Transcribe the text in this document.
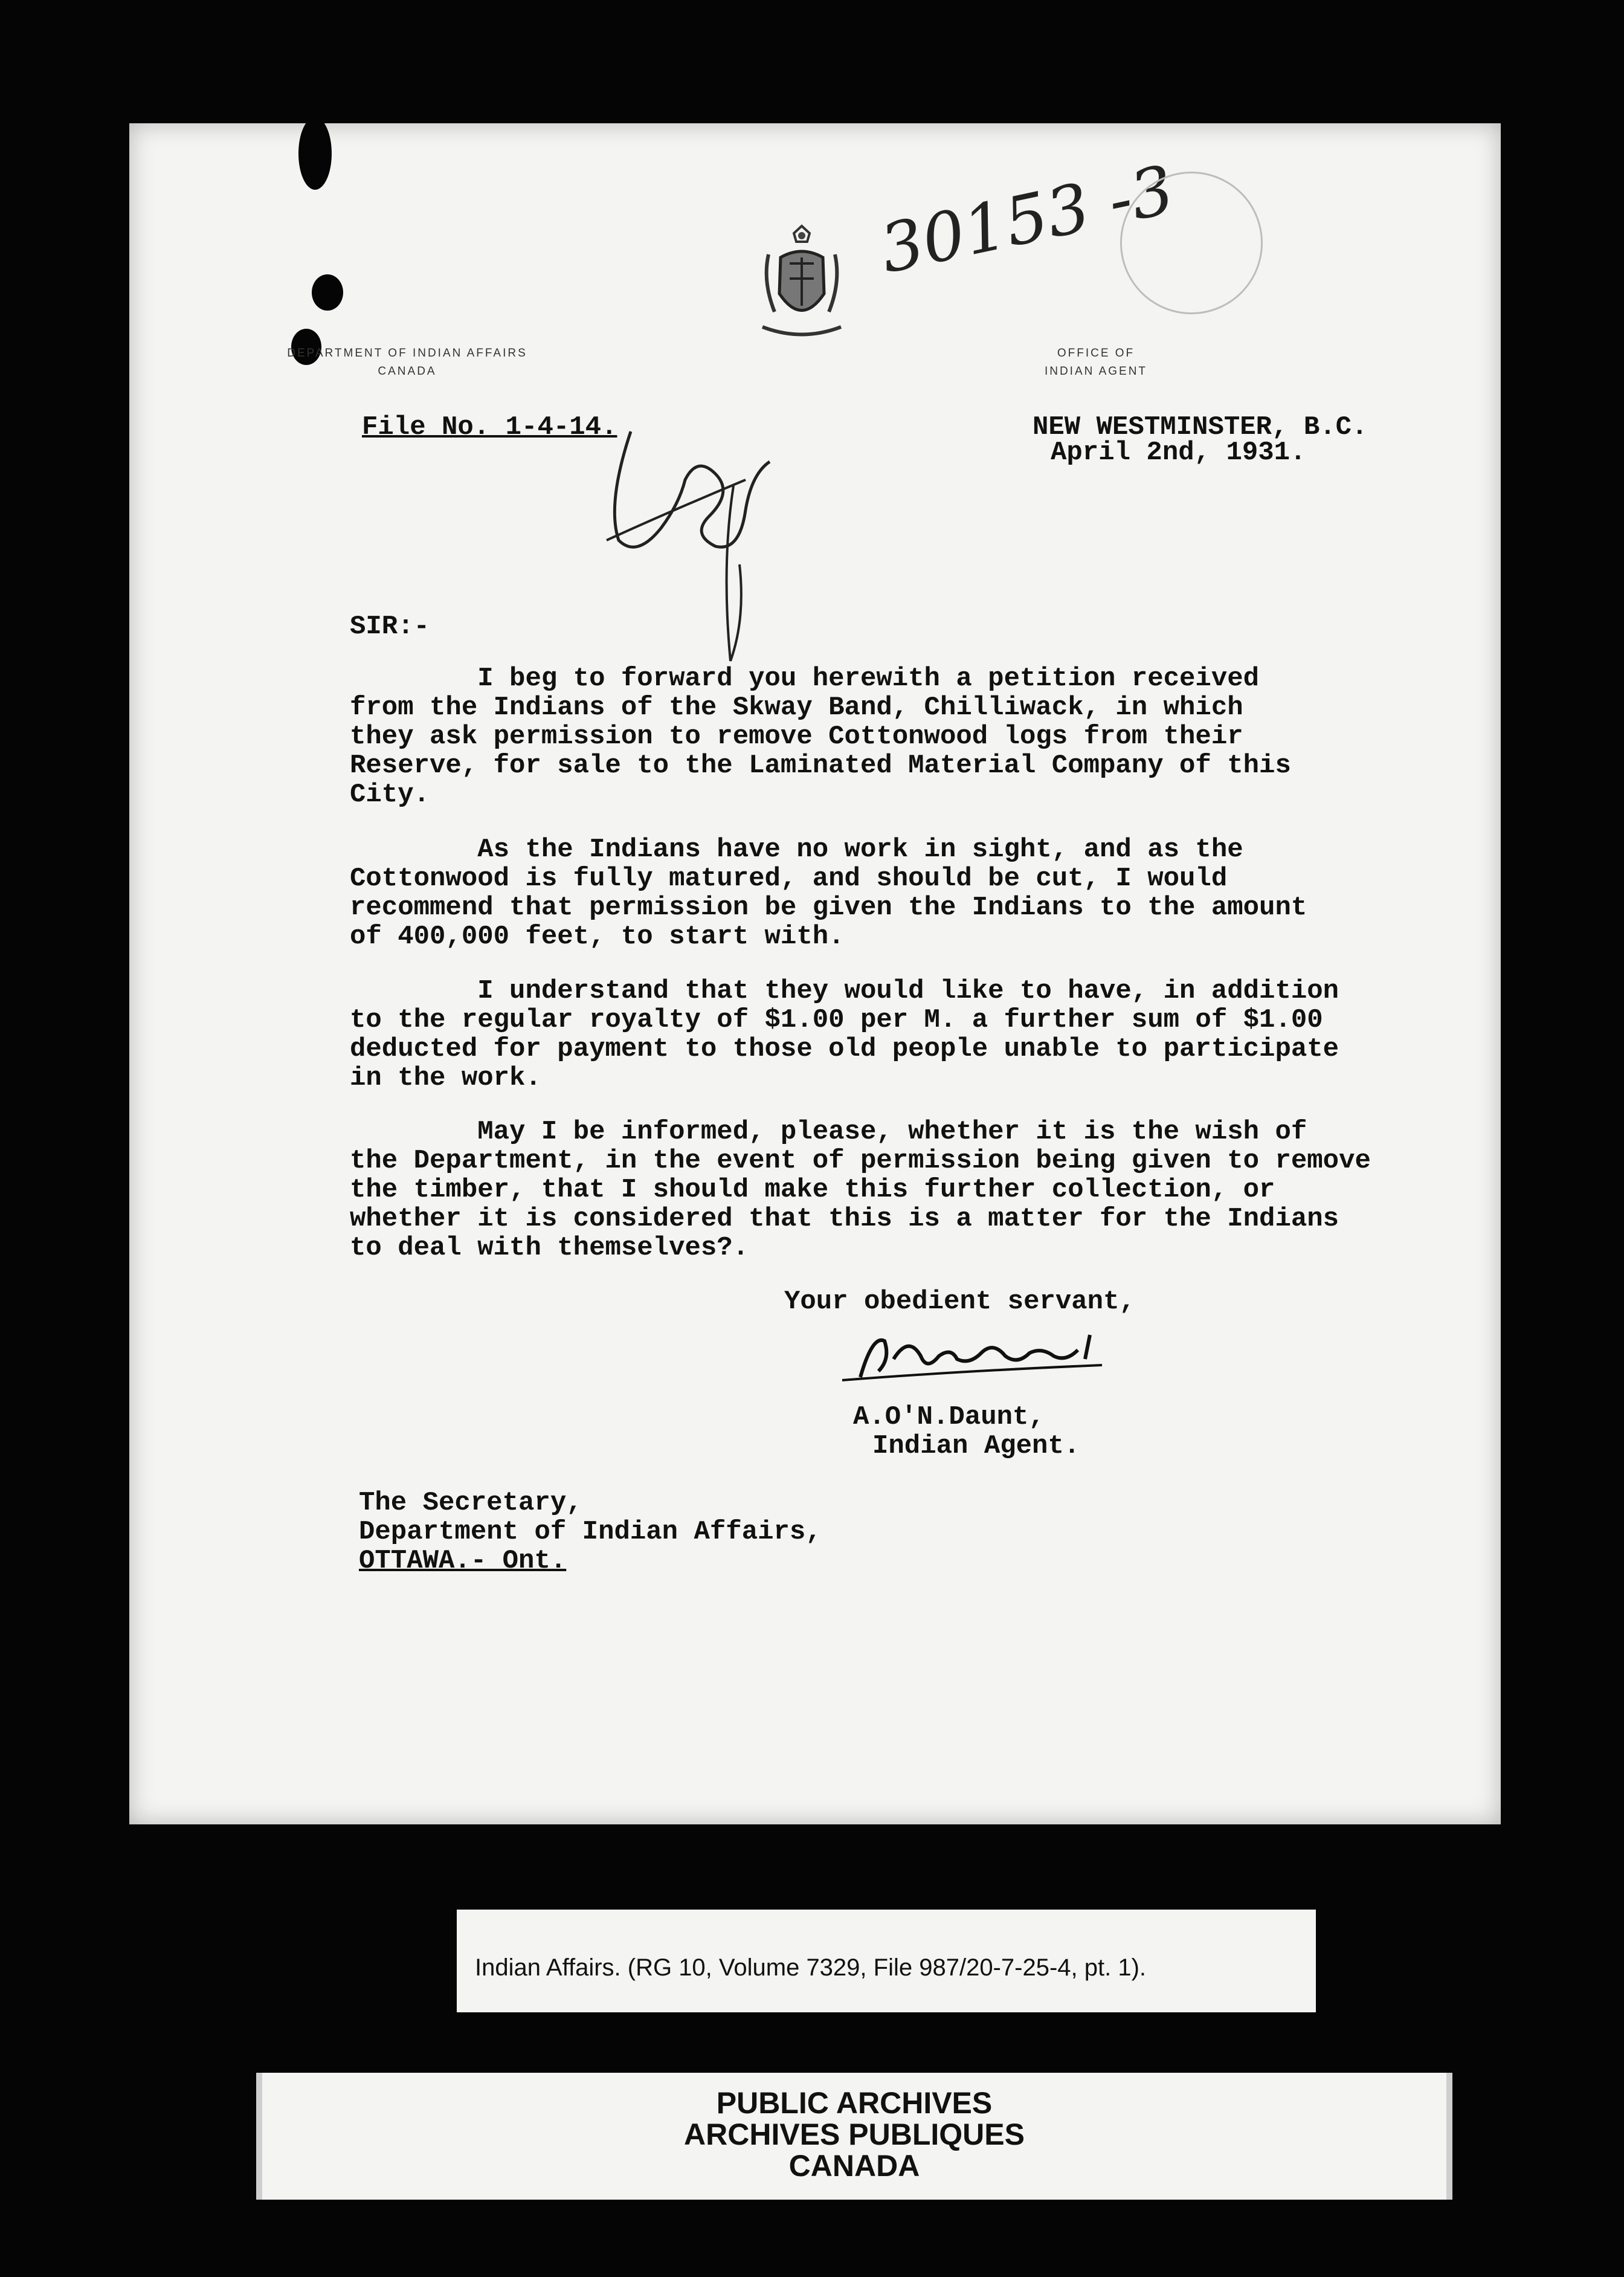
DEPARTMENT OF INDIAN AFFAIRS
CANADA
30153 -3
OFFICE OF
INDIAN AGENT
File No. 1-4-14.	NEW WESTMINSTER, B.C.
April 2nd, 1931.
SIR:-

I beg to forward you herewith a petition received
from the Indians of the Skway Band, Chilliwack, in which
they ask permission to remove Cottonwood logs from their
Reserve, for sale to the Laminated Material Company of this
City.

As the Indians have no work in sight, and as the
Cottonwood is fully matured, and should be cut, I would
recommend that permission be given the Indians to the amount
of 400,000 feet, to start with.

I understand that they would like to have, in addition
to the regular royalty of $1.00 per M. a further sum of $1.00
deducted for payment to those old people unable to participate
in the work.

May I be informed, please, whether it is the wish of
the Department, in the event of permission being given to remove
the timber, that I should make this further collection, or
whether it is considered that this is a matter for the Indians
to deal with themselves?.

Your obedient servant,
A.O'N.Daunt,
Indian Agent.
The Secretary,
Department of Indian Affairs,
OTTAWA.- Ont.
Indian Affairs. (RG 10, Volume 7329, File 987/20-7-25-4, pt. 1).
PUBLIC ARCHIVES
ARCHIVES PUBLIQUES
CANADA
